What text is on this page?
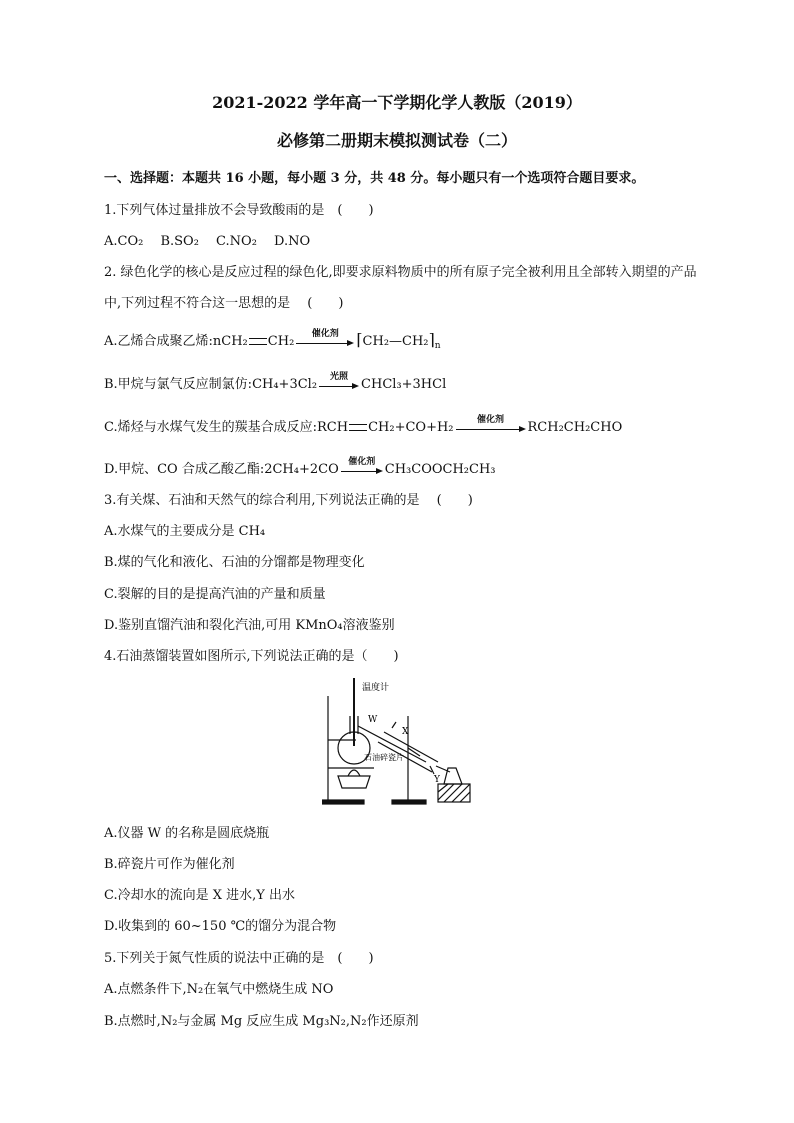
2021-2022 学年高一下学期化学人教版（2019）
必修第二册期末模拟测试卷（二）
一、选择题：本题共 16 小题，每小题 3 分，共 48 分。每小题只有一个选项符合题目要求。
1.下列气体过量排放不会导致酸雨的是　(　　)
A.CO₂　 B.SO₂　 C.NO₂　 D.NO
2. 绿色化学的核心是反应过程的绿色化,即要求原料物质中的所有原子完全被利用且全部转入期望的产品
中,下列过程不符合这一思想的是　 (　　)
A.乙烯合成聚乙烯:nCH₂ CH₂
催化剂	$⌈CH_2—CH_2⌉_n$
B.甲烷与氯气反应制氯仿:CH₄+3Cl₂
光照
CHCl₃+3HCl
C.烯烃与水煤气发生的羰基合成反应:RCH CH₂+CO+H₂
催化剂
RCH₂CH₂CHO
D.甲烷、CO 合成乙酸乙酯:2CH₄+2CO
催化剂
CH₃COOCH₂CH₃
3.有关煤、石油和天然气的综合利用,下列说法正确的是　 (　　)
A.水煤气的主要成分是 CH₄
B.煤的气化和液化、石油的分馏都是物理变化
C.裂解的目的是提高汽油的产量和质量
D.鉴别直馏汽油和裂化汽油,可用 KMnO₄溶液鉴别
4.石油蒸馏装置如图所示,下列说法正确的是（　　)
温度计
W
X
Y
石油碎瓷片
A.仪器 W 的名称是圆底烧瓶
B.碎瓷片可作为催化剂
C.冷却水的流向是 X 进水,Y 出水
D.收集到的 60~150 ℃的馏分为混合物
5.下列关于氮气性质的说法中正确的是　(　　)
A.点燃条件下,N₂在氧气中燃烧生成 NO
B.点燃时,N₂与金属 Mg 反应生成 Mg₃N₂,N₂作还原剂
